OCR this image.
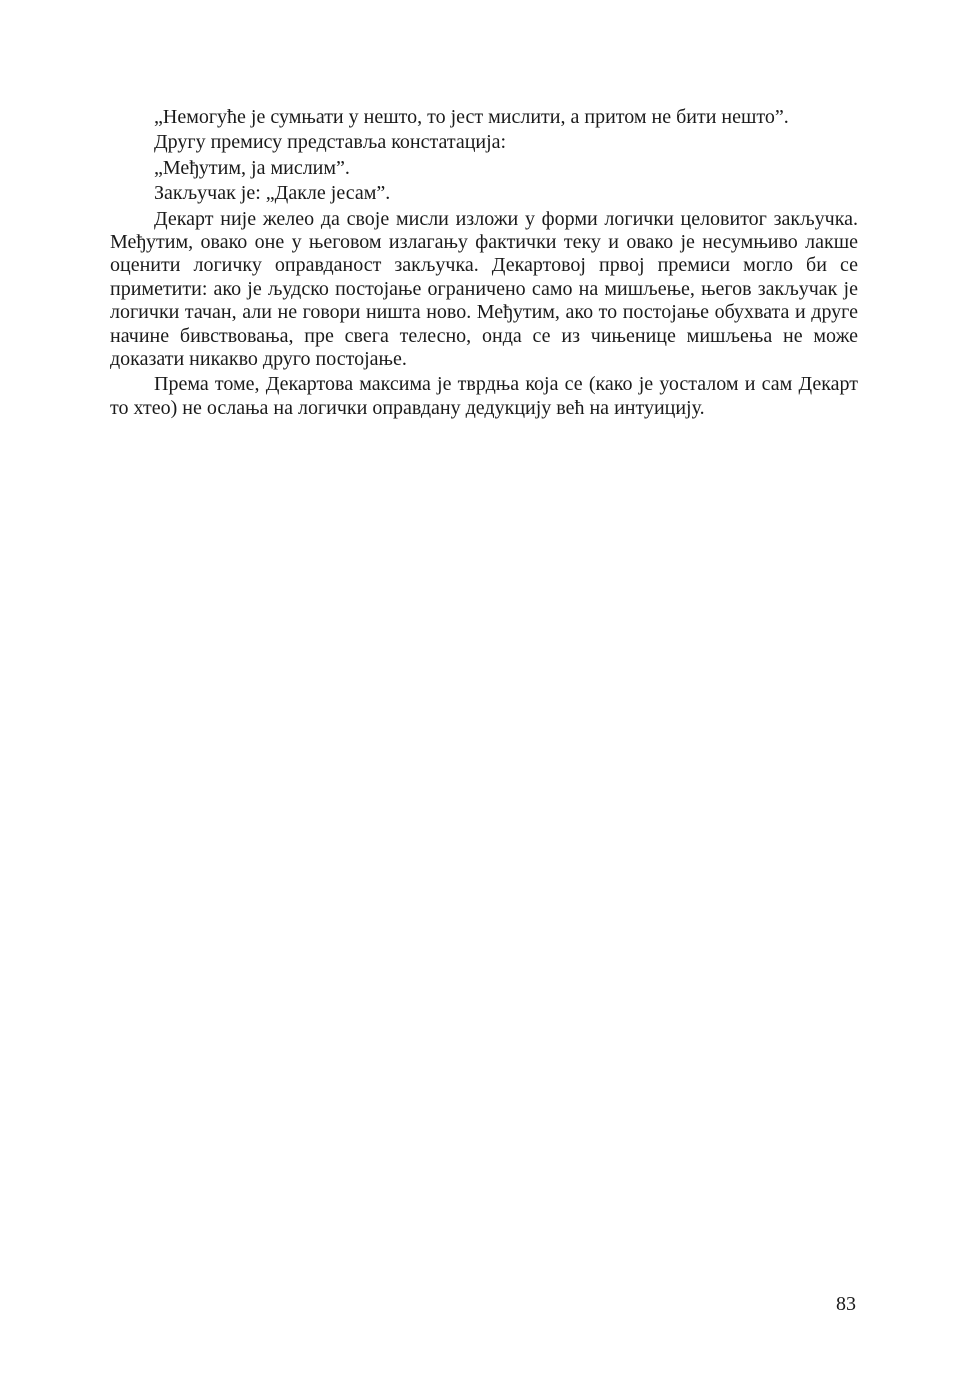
„Немогуће је сумњати у нешто, то јест мислити, а притом не бити нешто”.

Другу премису представља констатација:

„Међутим, ја мислим”.

Закључак је: „Дакле јесам”.

Декарт није желео да своје мисли изложи у форми логички целовитог закључка. Међутим, овако оне у његовом излагању фактички теку и овако је несумњиво лакше оценити логичку оправданост закључка. Декартовој првој премиси могло би се приметити: ако је људско постојање ограничено само на мишљење, његов закључак је логички тачан, али не говори ништа ново. Међутим, ако то постојање обухвата и друге начине бивствовања, пре свега телесно, онда се из чињенице мишљења не може доказати никакво друго постојање.

Према томе, Декартова максима је тврдња која се (како је уосталом и сам Декарт то хтео) не ослања на логички оправдану дедукцију већ на интуицију.

83
